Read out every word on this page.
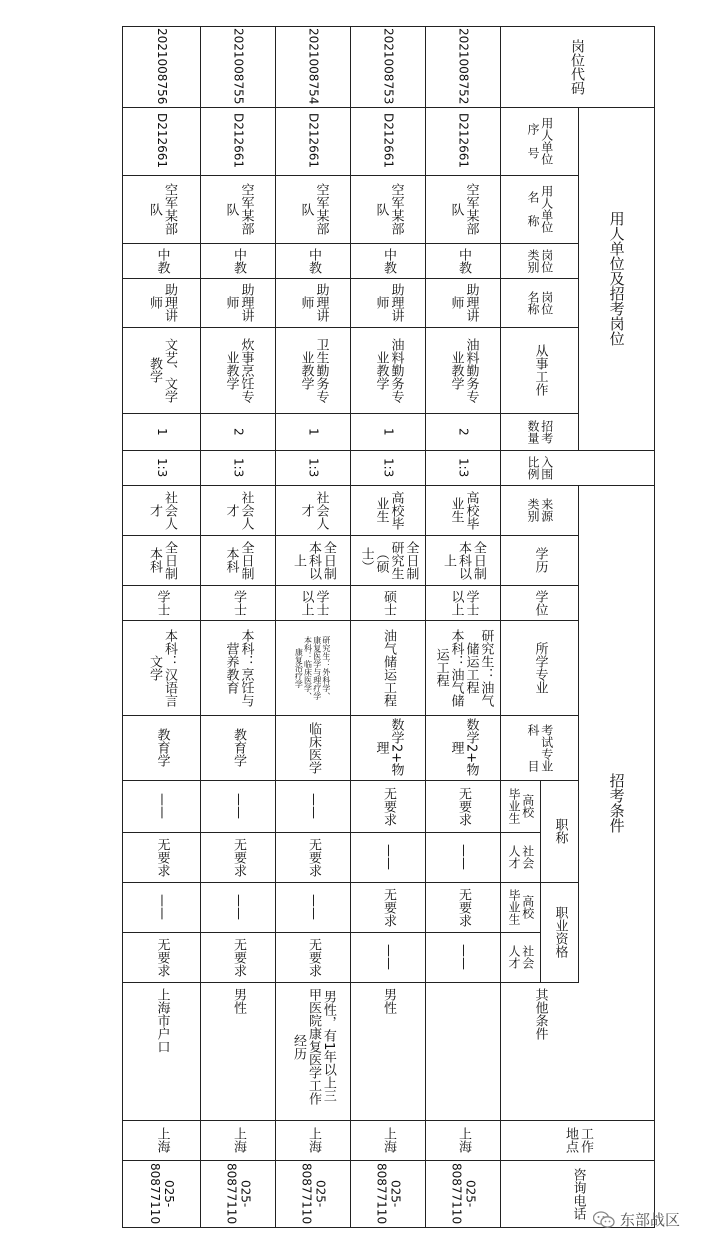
岗位代码
用人单位及招考岗位
用人单位
序　号
用人单位
名　称
岗位
类别
岗位
名称
从事工作
招考
数量
入围
比例
招考条件
来源
类别
学历
学位
所学专业
考试专业
科　　目
职称
高校
毕业生
社会
人才
职业资格
高校
毕业生
社会
人才
其他条件
工作
地点
咨询电话
2021008752
D212661
空军某部
队
中教
助理讲
师
油料勤务专
业教学
2
1:3
高校毕
业生
全日制
本科以
上
学士
以上
研究生：油气
储运工程
本科：油气储
运工程
数学2+物
理
无要求
——
无要求
——
上海
025-
80877110
2021008753
D212661
空军某部
队
中教
助理讲
师
油料勤务专
业教学
1
1:3
高校毕
业生
全日制
研究生
（硕
士）
硕士
油气储运工程
数学2+物
理
无要求
——
无要求
——
男性
上海
025-
80877110
2021008754
D212661
空军某部
队
中教
助理讲
师
卫生勤务专
业教学
1
1:3
社会人
才
全日制
本科以
上
学士
以上
研究生：外科学、
康复医学与理疗学
本科：临床医学、
康复治疗学
临床医学
——
无要求
——
无要求
男性，有1年以上三
甲医院康复医学工作
经历
上海
025-
80877110
2021008755
D212661
空军某部
队
中教
助理讲
师
炊事烹饪专
业教学
2
1:3
社会人
才
全日制
本科
学士
本科：烹饪与
营养教育
教育学
——
无要求
——
无要求
男性
上海
025-
80877110
2021008756
D212661
空军某部
队
中教
助理讲
师
文艺、文学
教学
1
1:3
社会人
才
全日制
本科
学士
本科：汉语言
文学
教育学
——
无要求
——
无要求
上海市户口
上海
025-
80877110	东部战区
